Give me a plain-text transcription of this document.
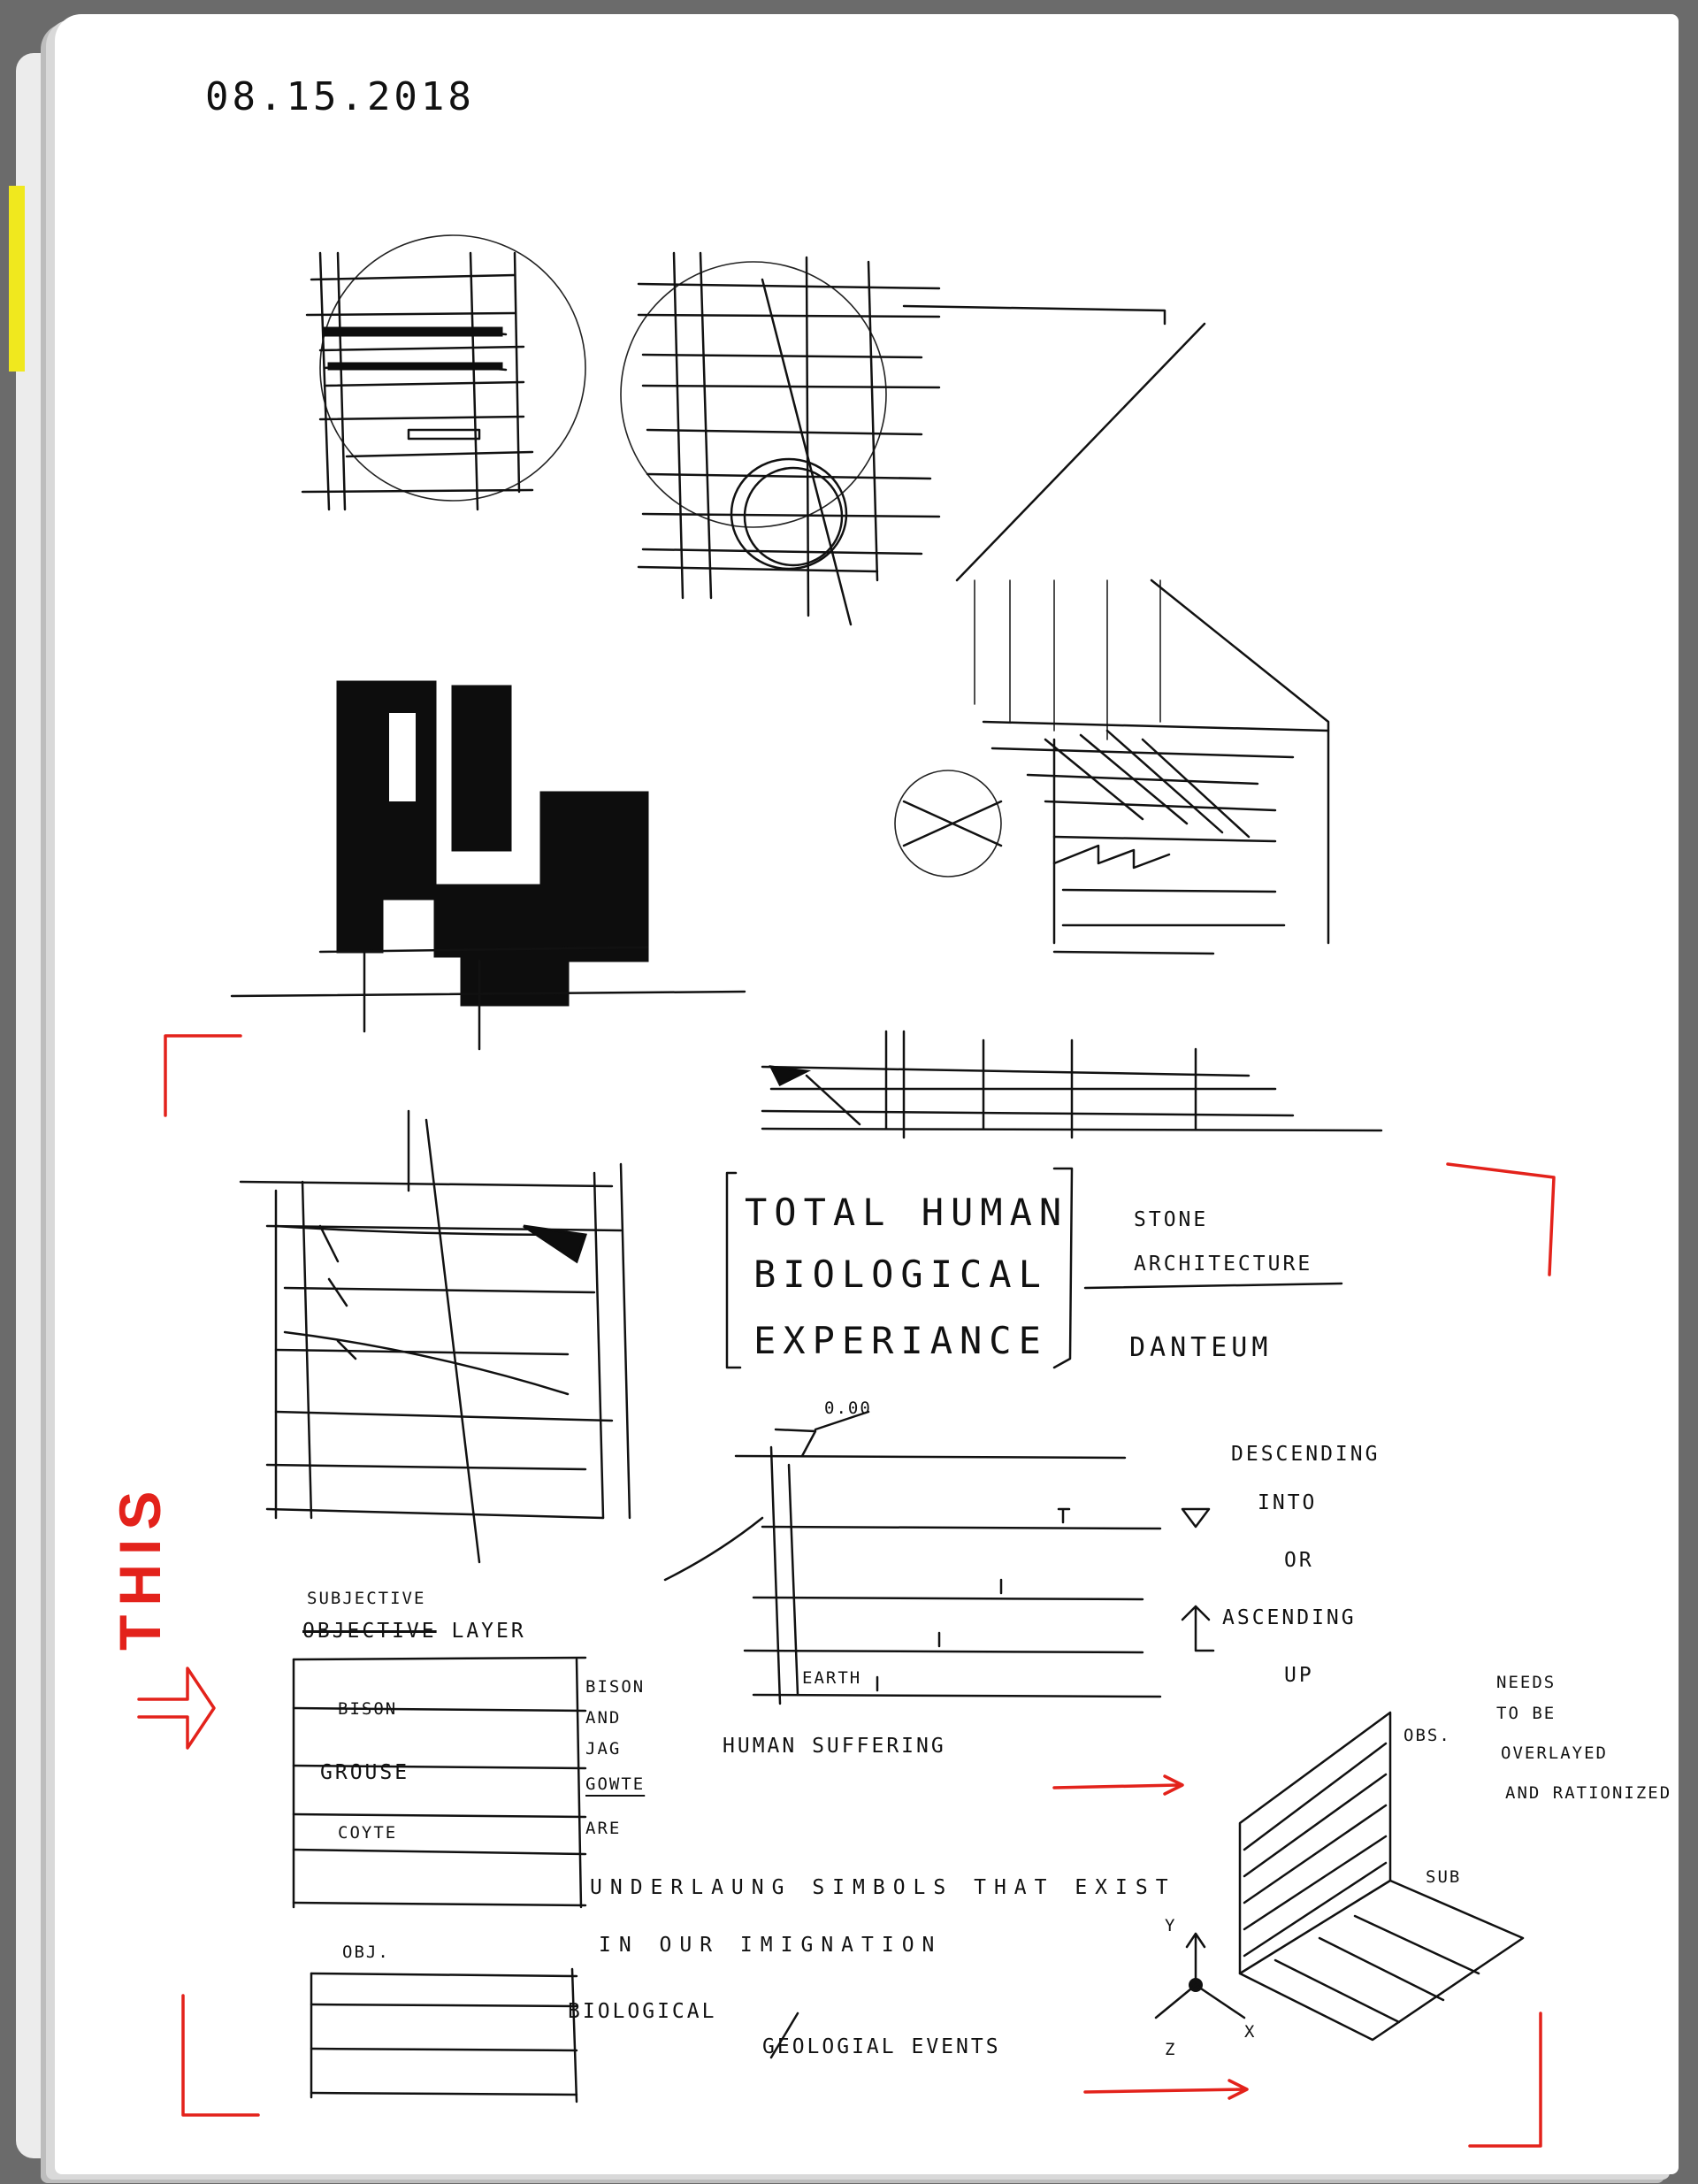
08.15.2018
TOTAL HUMAN
BIOLOGICAL
EXPERIANCE
STONE
ARCHITECTURE
DANTEUM
0.00
EARTH
DESCENDING
INTO
OR
ASCENDING
UP
SUBJECTIVE
OBJECTIVE LAYER
BISON
GROUSE
COYTE
OBJ.
BISON
AND
JAG
GOWTE
ARE
HUMAN SUFFERING
UNDERLAUNG SIMBOLS THAT EXIST
IN OUR IMIGNATION
BIOLOGICAL
GEOLOGIAL EVENTS
NEEDS
TO BE
OVERLAYED
AND RATIONIZED
OBS.
SUB
Y
Z
X
THIS
